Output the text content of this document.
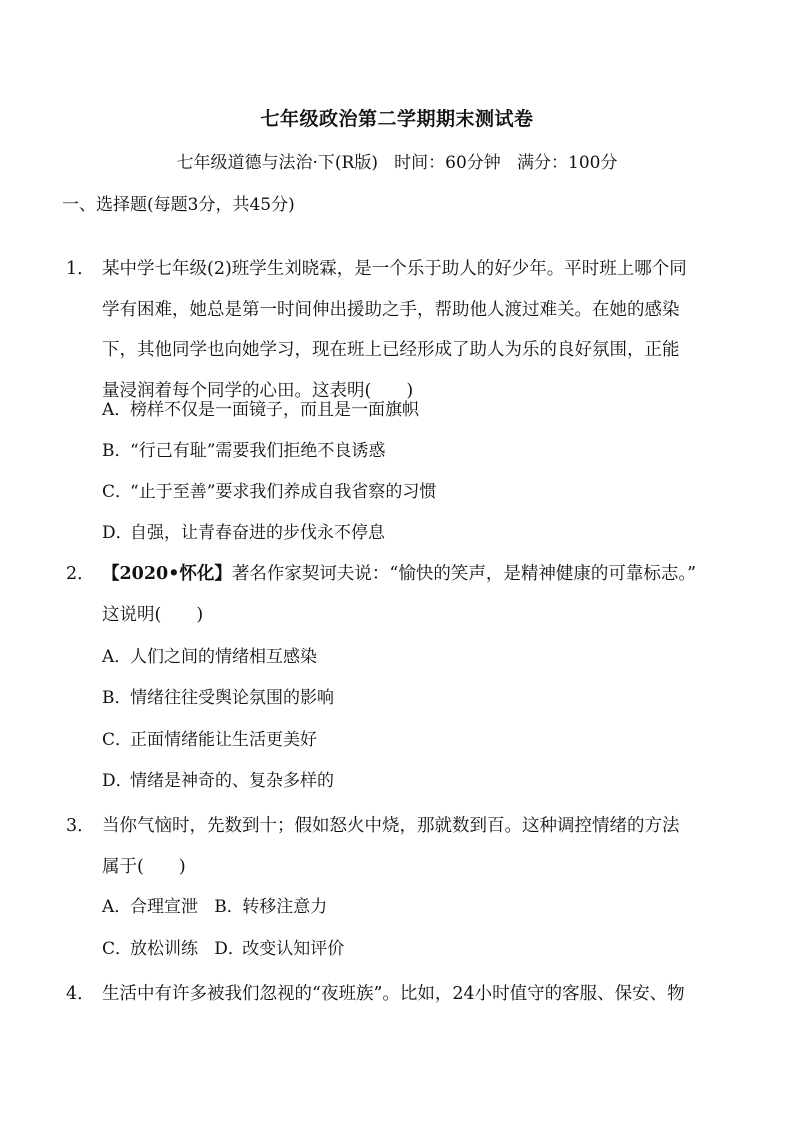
七年级政治第二学期期末测试卷
七年级道德与法治·下(R版)   时间：60分钟   满分：100分
一、选择题(每题3分，共45分)
1． 某中学七年级(2)班学生刘晓霖，是一个乐于助人的好少年。平时班上哪个同
学有困难，她总是第一时间伸出援助之手，帮助他人渡过难关。在她的感染
下，其他同学也向她学习，现在班上已经形成了助人为乐的良好氛围，正能
量浸润着每个同学的心田。这表明(　　)
A．榜样不仅是一面镜子，而且是一面旗帜
B．“行己有耻”需要我们拒绝不良诱惑
C．“止于至善”要求我们养成自我省察的习惯
D．自强，让青春奋进的步伐永不停息
2． 【2020•怀化】著名作家契诃夫说：“愉快的笑声，是精神健康的可靠标志。”
这说明(　　)
A．人们之间的情绪相互感染
B．情绪往往受舆论氛围的影响
C．正面情绪能让生活更美好
D．情绪是神奇的、复杂多样的
3． 当你气恼时，先数到十；假如怒火中烧，那就数到百。这种调控情绪的方法
属于(　　)
A．合理宣泄 B．转移注意力
C．放松训练 D．改变认知评价
4． 生活中有许多被我们忽视的“夜班族”。比如，24小时值守的客服、保安、物
